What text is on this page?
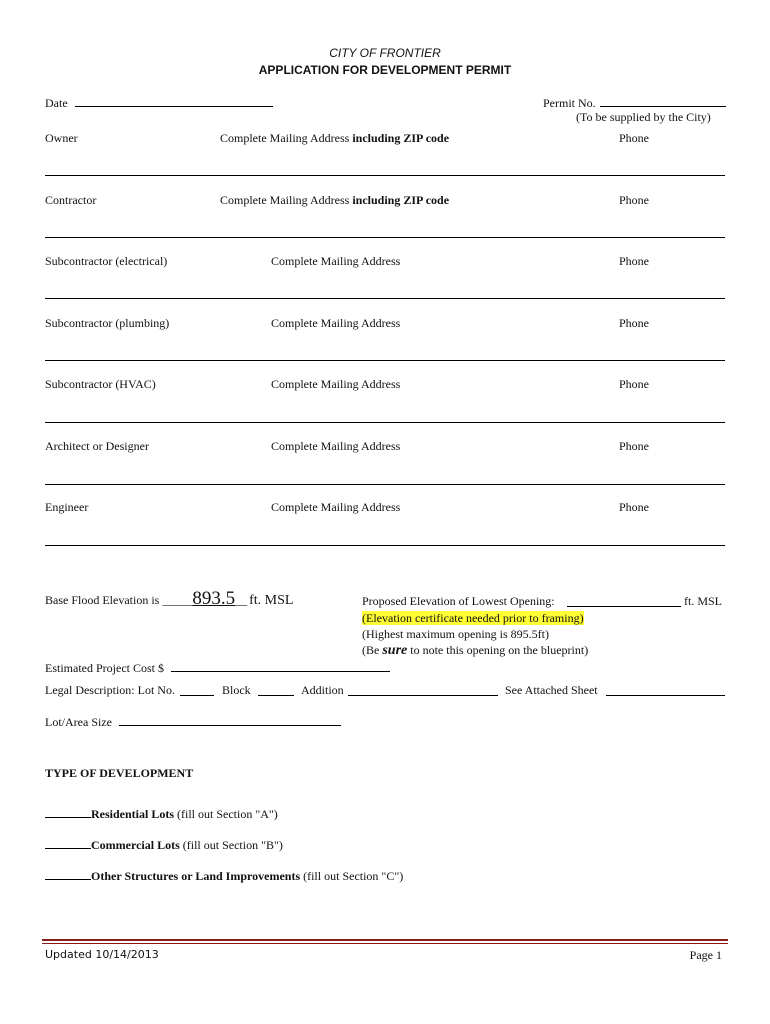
CITY OF FRONTIER
APPLICATION FOR DEVELOPMENT PERMIT
Date	Permit No.
(To be supplied by the City)
Owner	Complete Mailing Address including ZIP code	Phone
Contractor	Complete Mailing Address including ZIP code	Phone
Subcontractor (electrical)	Complete Mailing Address	Phone
Subcontractor (plumbing)	Complete Mailing Address	Phone
Subcontractor (HVAC)	Complete Mailing Address	Phone
Architect or Designer	Complete Mailing Address	Phone
Engineer	Complete Mailing Address	Phone
Base Flood Elevation is _____893.5__ ft. MSL	Proposed Elevation of Lowest Opening:	ft. MSL
(Elevation certificate needed prior to framing)
(Highest maximum opening is 895.5ft)
(Be sure to note this opening on the blueprint)
Estimated Project Cost $
Legal Description: Lot No.	Block	Addition	See Attached Sheet
Lot/Area Size
TYPE OF DEVELOPMENT
Residential Lots (fill out Section "A")
Commercial Lots (fill out Section "B")
Other Structures or Land Improvements (fill out Section "C")
Updated 10/14/2013	Page 1
